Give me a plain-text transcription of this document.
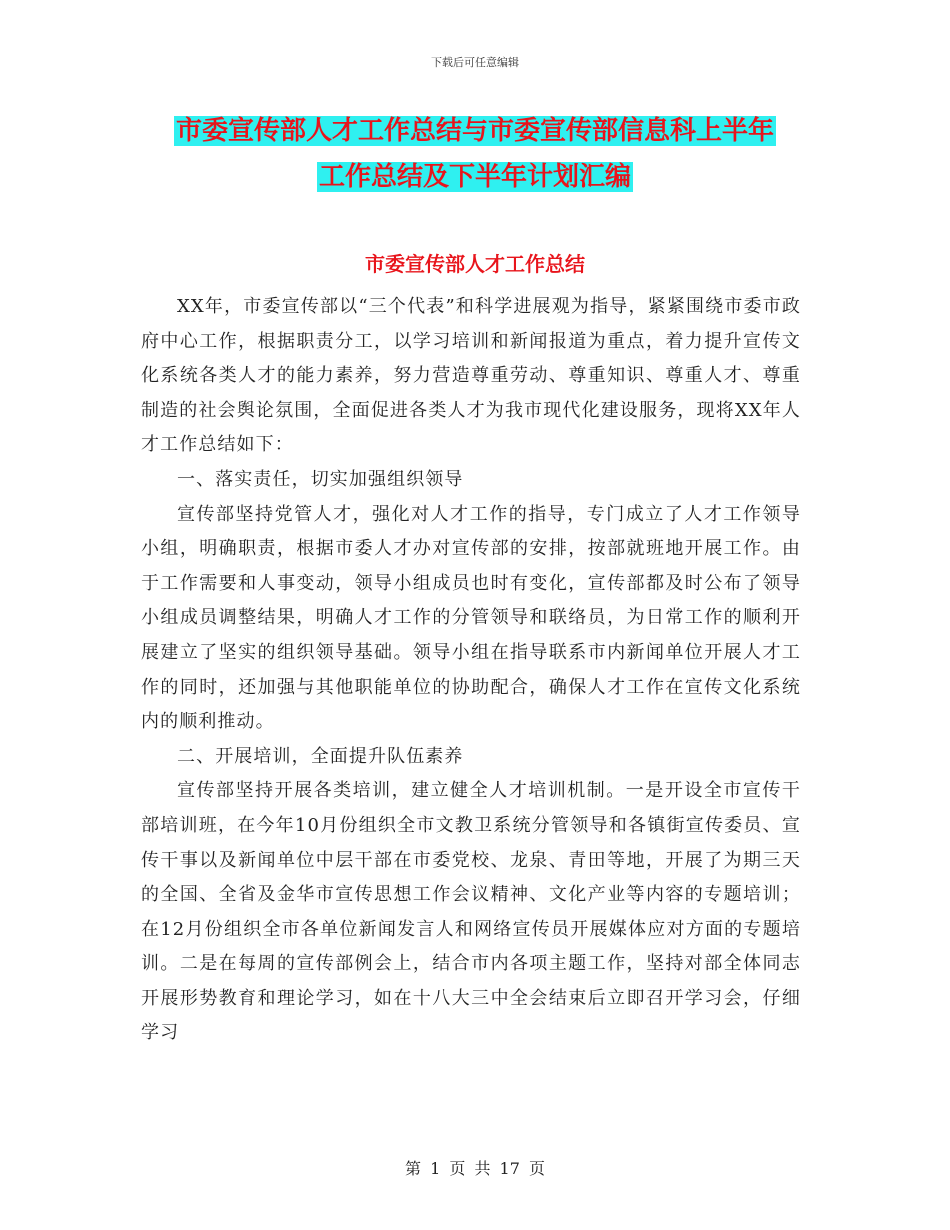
下载后可任意编辑
市委宣传部人才工作总结与市委宣传部信息科上半年
工作总结及下半年计划汇编
市委宣传部人才工作总结

XX年，市委宣传部以“三个代表”和科学进展观为指导，紧紧围绕市委市政府中心工作，根据职责分工，以学习培训和新闻报道为重点，着力提升宣传文化系统各类人才的能力素养，努力营造尊重劳动、尊重知识、尊重人才、尊重制造的社会舆论氛围，全面促进各类人才为我市现代化建设服务，现将XX年人才工作总结如下：

一、落实责任，切实加强组织领导

宣传部坚持党管人才，强化对人才工作的指导，专门成立了人才工作领导小组，明确职责，根据市委人才办对宣传部的安排，按部就班地开展工作。由于工作需要和人事变动，领导小组成员也时有变化，宣传部都及时公布了领导小组成员调整结果，明确人才工作的分管领导和联络员，为日常工作的顺利开展建立了坚实的组织领导基础。领导小组在指导联系市内新闻单位开展人才工作的同时，还加强与其他职能单位的协助配合，确保人才工作在宣传文化系统内的顺利推动。

二、开展培训，全面提升队伍素养

宣传部坚持开展各类培训，建立健全人才培训机制。一是开设全市宣传干部培训班，在今年10月份组织全市文教卫系统分管领导和各镇街宣传委员、宣传干事以及新闻单位中层干部在市委党校、龙泉、青田等地，开展了为期三天的全国、全省及金华市宣传思想工作会议精神、文化产业等内容的专题培训；在12月份组织全市各单位新闻发言人和网络宣传员开展媒体应对方面的专题培训。二是在每周的宣传部例会上，结合市内各项主题工作，坚持对部全体同志开展形势教育和理论学习，如在十八大三中全会结束后立即召开学习会，仔细学习

第 1 页 共 17 页
